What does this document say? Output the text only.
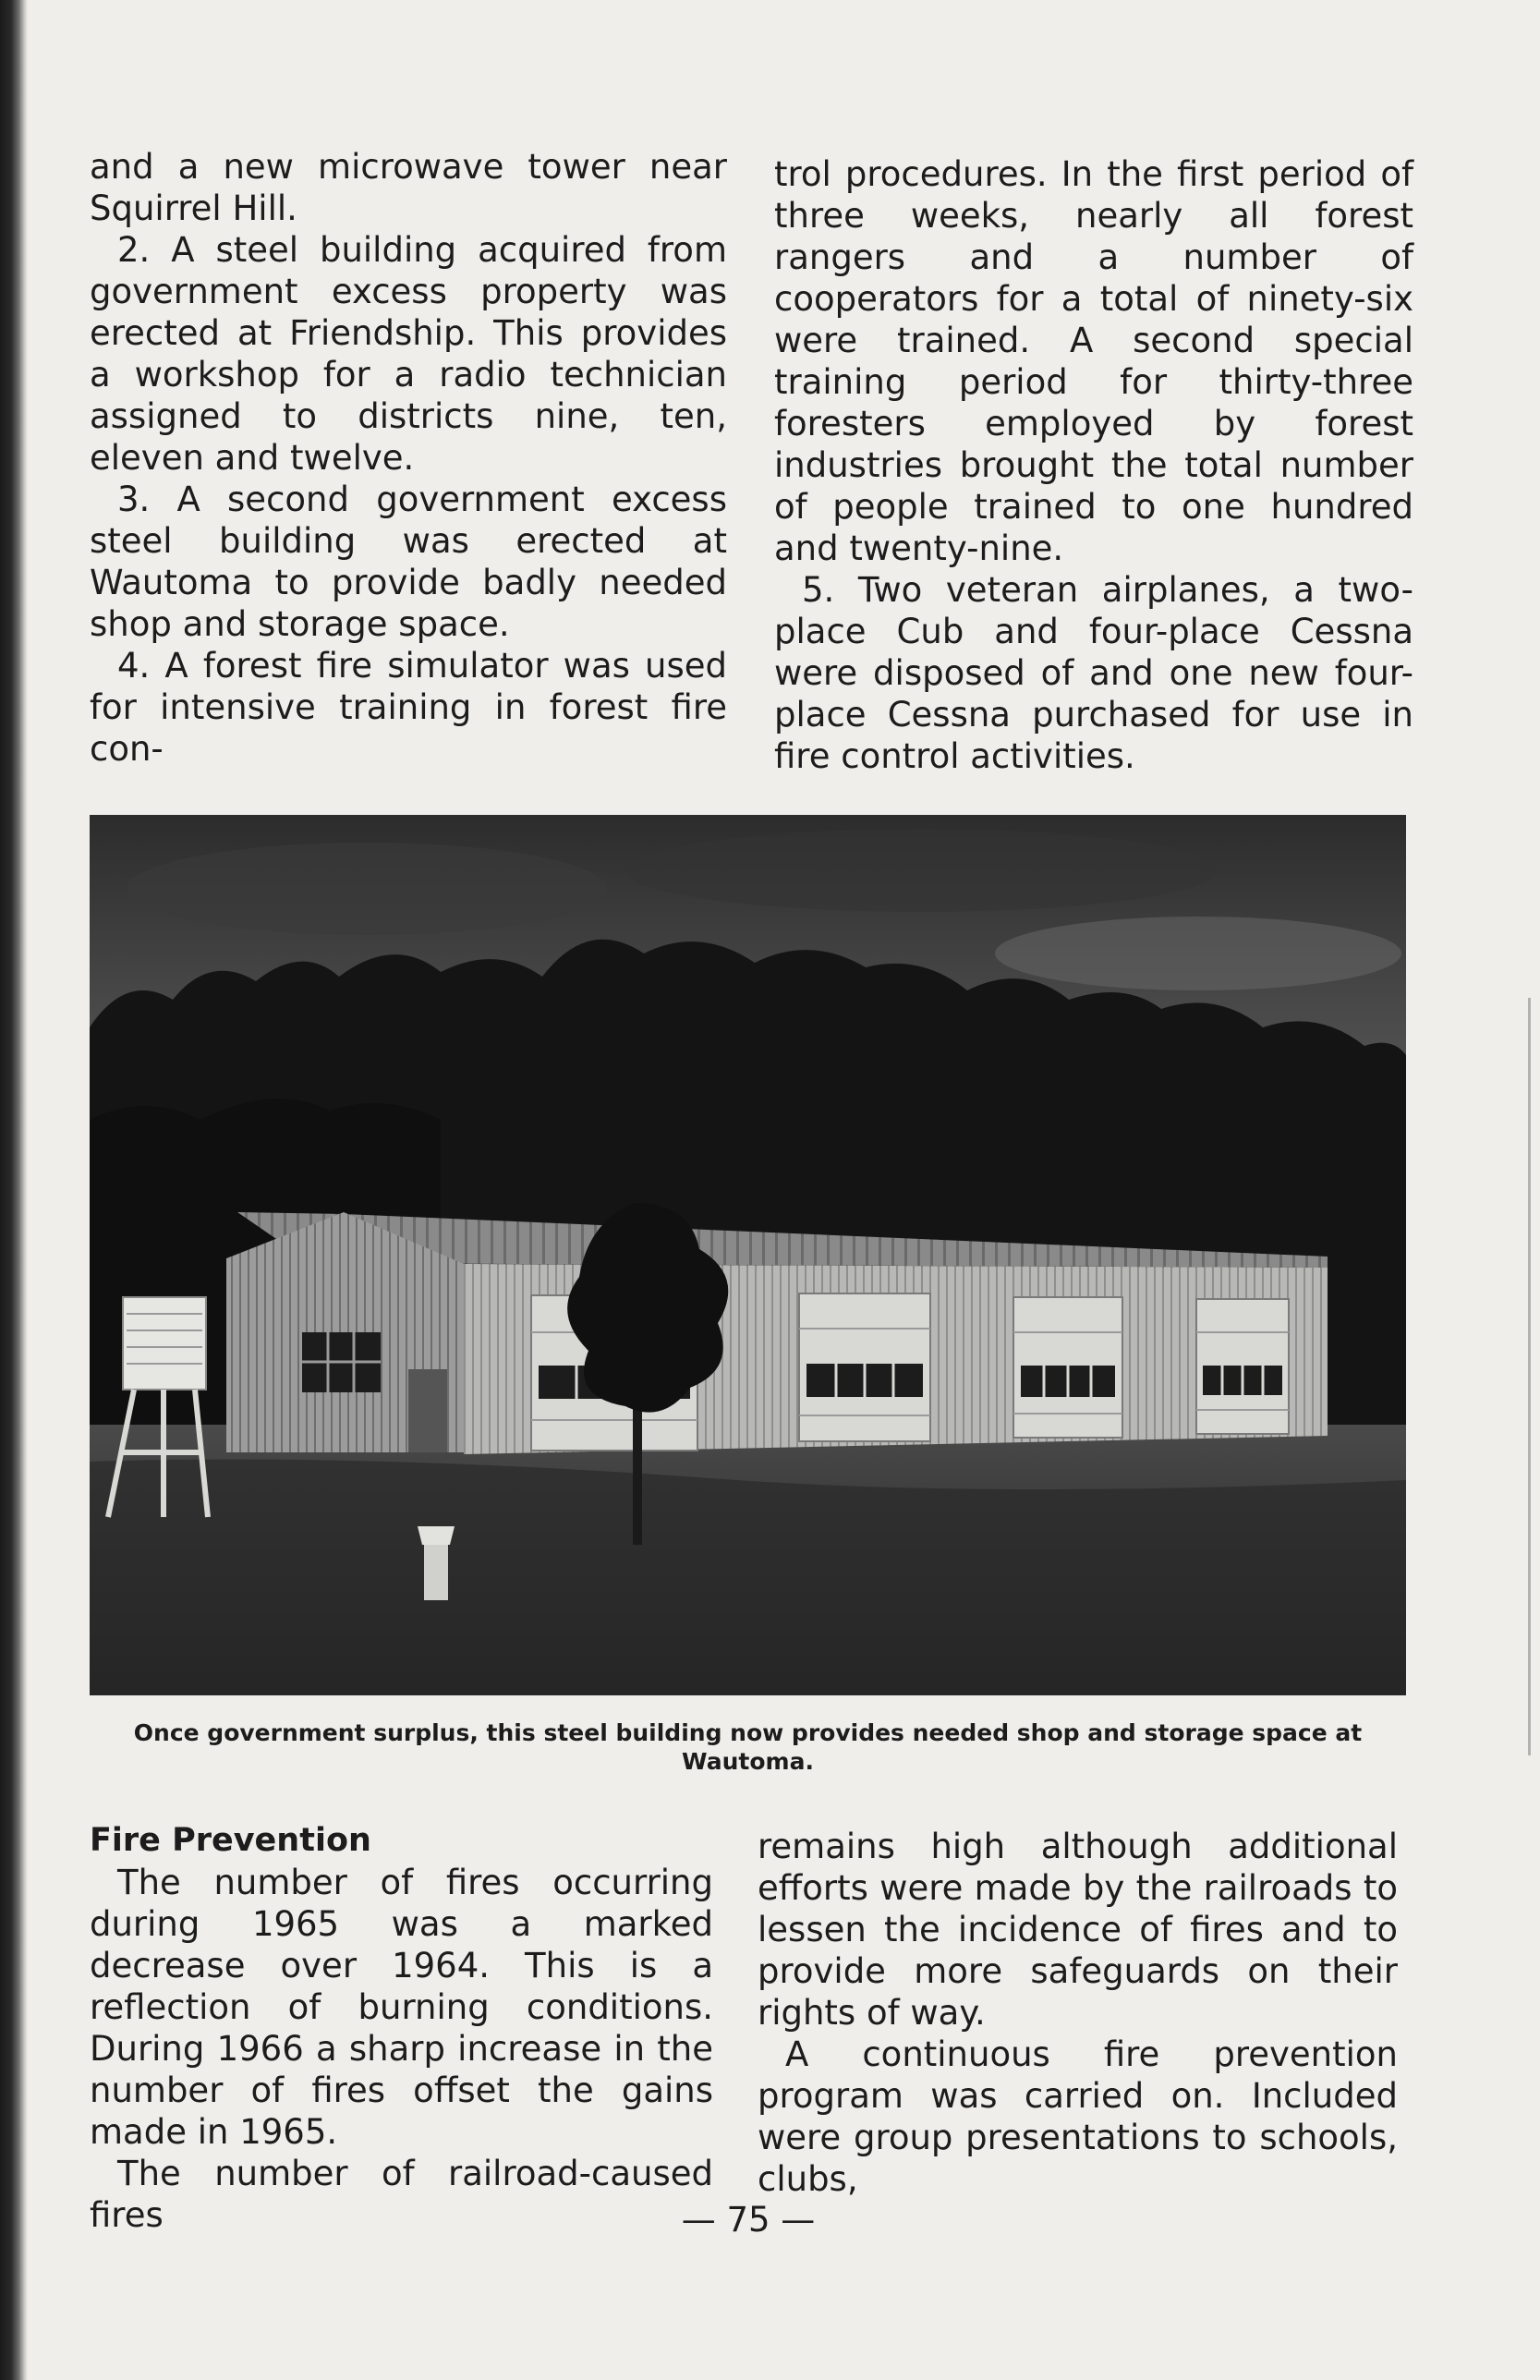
and a new microwave tower near Squirrel Hill.

2. A steel building acquired from government excess property was erected at Friendship. This provides a workshop for a radio technician assigned to districts nine, ten, eleven and twelve.

3. A second government excess steel building was erected at Wautoma to provide badly needed shop and storage space.

4. A forest fire simulator was used for intensive training in forest fire con-

trol procedures. In the first period of three weeks, nearly all forest rangers and a number of cooperators for a total of ninety-six were trained. A second special training period for thirty-three foresters employed by forest industries brought the total number of people trained to one hundred and twenty-nine.

5. Two veteran airplanes, a two-place Cub and four-place Cessna were disposed of and one new four-place Cessna purchased for use in fire control activities.

Once government surplus, this steel building now provides needed shop and storage space at Wautoma.

Fire Prevention

The number of fires occurring during 1965 was a marked decrease over 1964. This is a reflection of burning conditions. During 1966 a sharp increase in the number of fires offset the gains made in 1965.

The number of railroad-caused fires

remains high although additional efforts were made by the railroads to lessen the incidence of fires and to provide more safeguards on their rights of way.

A continuous fire prevention program was carried on. Included were group presentations to schools, clubs,

— 75 —
